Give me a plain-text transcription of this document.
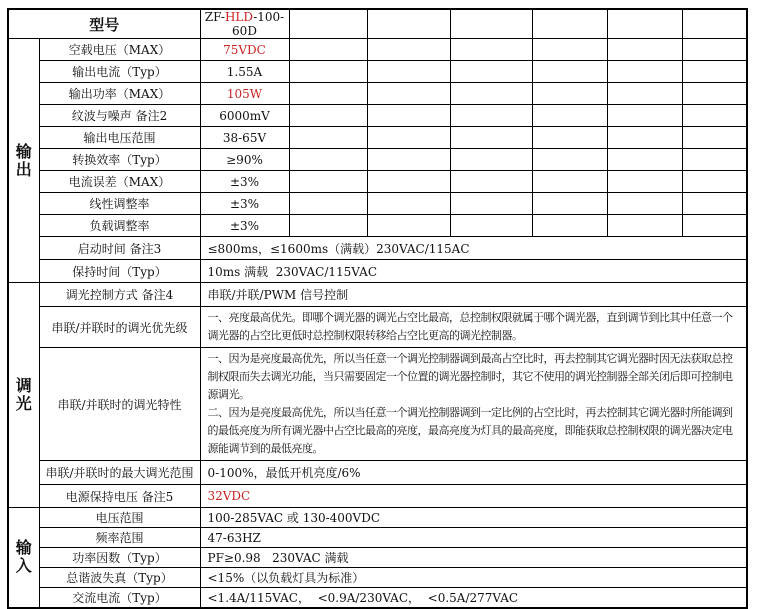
型号		ZF-HLD-100-60D						
输出	空载电压（MAX）	75VDC						
	输出电流（Typ）	1.55A						
	输出功率（MAX）	105W						
	纹波与噪声 备注2	6000mV						
	输出电压范围	38-65V						
	转换效率（Typ）	≥90%						
	电流误差（MAX）	±3%						
	线性调整率	±3%						
	负载调整率	±3%						
	启动时间 备注3	≤800ms，≤1600ms（满载）230VAC/115AC						
	保持时间（Typ）	10ms 满载  230VAC/115VAC						
调光	调光控制方式 备注4	串联/并联/PWM 信号控制						
	串联/并联时的调光优先级	一、亮度最高优先。即哪个调光器的调光占空比最高，总控制权限就属于哪个调光器，直到调节到比其中任意一个调光器的占空比更低时总控制权限转移给占空比更高的调光控制器。						

	串联/并联时的调光特性	一、因为是亮度最高优先，所以当任意一个调光控制器调到最高占空比时，再去控制其它调光器时因无法获取总控制权限而失去调光功能，当只需要固定一个位置的调光器控制时，其它不使用的调光控制器全部关闭后即可控制电源调光。
二、因为是亮度最高优先，所以当任意一个调光控制器调到一定比例的占空比时，再去控制其它调光器时所能调到的最低亮度为所有调光器中占空比最高的亮度，最高亮度为灯具的最高亮度，即能获取总控制权限的调光器决定电源能调节到的最低亮度。						

	串联/并联时的最大调光范围	0-100%，最低开机亮度/6%						
	电源保持电压 备注5	32VDC						
输入	电压范围	100-285VAC 或 130-400VDC						
	频率范围	47-63HZ						
	功率因数（Typ）	PF≥0.98   230VAC 满载						
	总谐波失真（Typ）	<15%（以负载灯具为标准）						
	交流电流（Typ）	<1.4A/115VAC，  <0.9A/230VAC，  <0.5A/277VAC						
